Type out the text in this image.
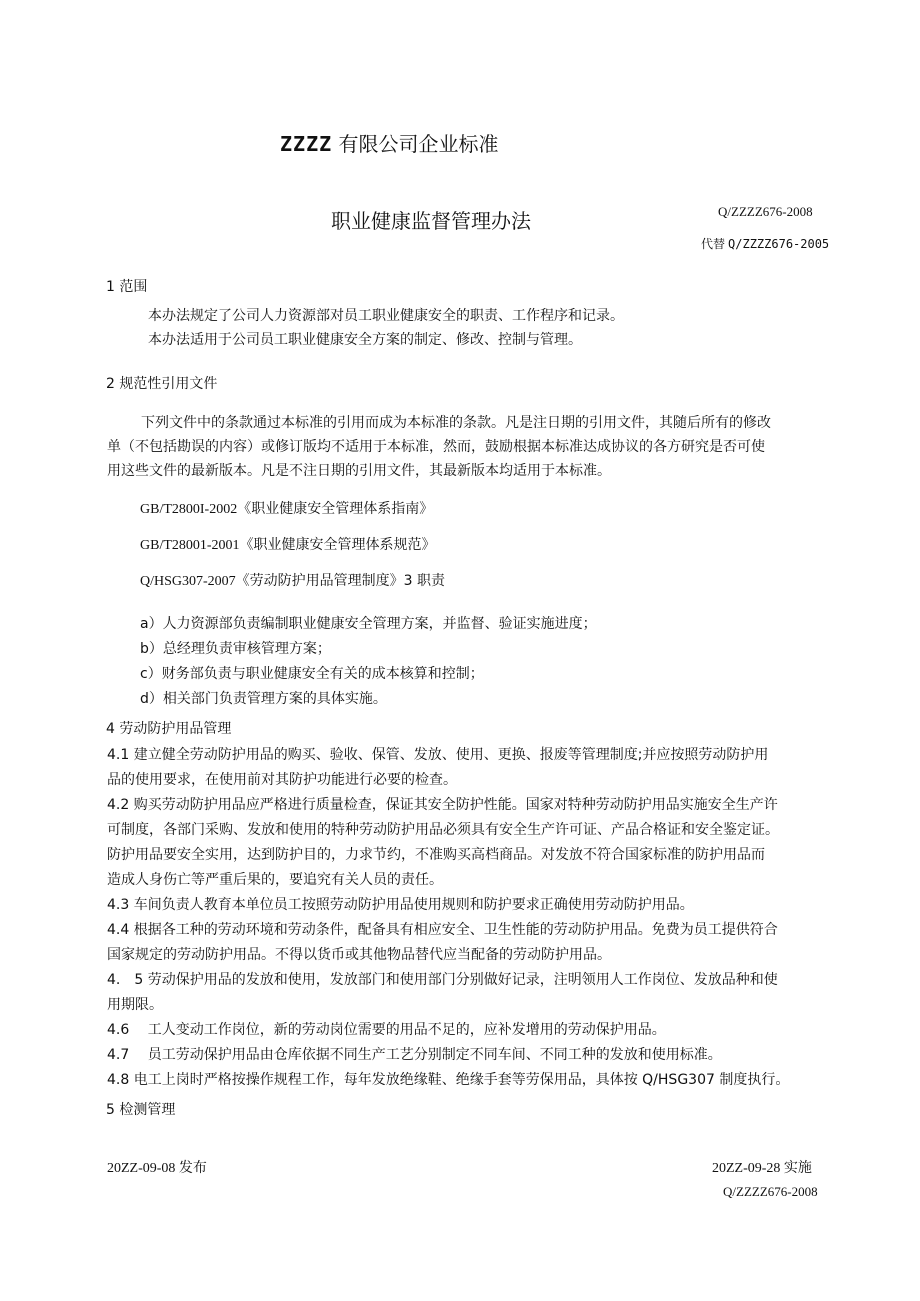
ZZZZ 有限公司企业标准
职业健康监督管理办法	Q/ZZZZ676-2008
代替 Q/ZZZZ676-2005
1 范围
本办法规定了公司人力资源部对员工职业健康安全的职责、工作程序和记录。
本办法适用于公司员工职业健康安全方案的制定、修改、控制与管理。
2 规范性引用文件
下列文件中的条款通过本标准的引用而成为本标准的条款。凡是注日期的引用文件，其随后所有的修改
单（不包括勘误的内容）或修订版均不适用于本标准，然而，鼓励根据本标准达成协议的各方研究是否可使
用这些文件的最新版本。凡是不注日期的引用文件，其最新版本均适用于本标准。
GB/T2800I-2002《职业健康安全管理体系指南》
GB/T28001-2001《职业健康安全管理体系规范》
Q/HSG307-2007《劳动防护用品管理制度》3 职责
a）人力资源部负责编制职业健康安全管理方案，并监督、验证实施进度；
b）总经理负责审核管理方案；
c）财务部负责与职业健康安全有关的成本核算和控制；
d）相关部门负责管理方案的具体实施。
4 劳动防护用品管理
4.1 建立健全劳动防护用品的购买、验收、保管、发放、使用、更换、报废等管理制度;并应按照劳动防护用
品的使用要求，在使用前对其防护功能进行必要的检查。
4.2 购买劳动防护用品应严格进行质量检查，保证其安全防护性能。国家对特种劳动防护用品实施安全生产许
可制度，各部门采购、发放和使用的特种劳动防护用品必须具有安全生产许可证、产品合格证和安全鉴定证。
防护用品要安全实用，达到防护目的，力求节约，不准购买高档商品。对发放不符合国家标准的防护用品而
造成人身伤亡等严重后果的，要追究有关人员的责任。
4.3 车间负责人教育本单位员工按照劳动防护用品使用规则和防护要求正确使用劳动防护用品。
4.4 根据各工种的劳动环境和劳动条件，配备具有相应安全、卫生性能的劳动防护用品。免费为员工提供符合
国家规定的劳动防护用品。不得以货币或其他物品替代应当配备的劳动防护用品。
4.　5 劳动保护用品的发放和使用，发放部门和使用部门分别做好记录，注明领用人工作岗位、发放品种和使
用期限。
4.6　 工人变动工作岗位，新的劳动岗位需要的用品不足的，应补发增用的劳动保护用品。
4.7　 员工劳动保护用品由仓库依据不同生产工艺分别制定不同车间、不同工种的发放和使用标准。
4.8 电工上岗时严格按操作规程工作，每年发放绝缘鞋、绝缘手套等劳保用品，具体按 Q/HSG307 制度执行。
5 检测管理
20ZZ-09-08 发布	20ZZ-09-28 实施
Q/ZZZZ676-2008
